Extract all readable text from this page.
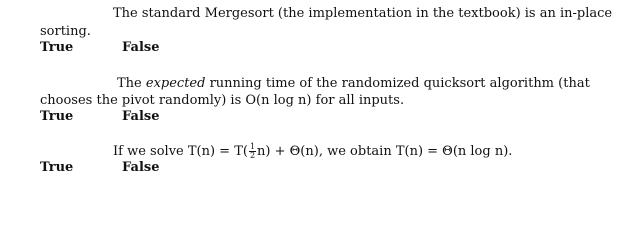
The standard Mergesort (the implementation in the textbook) is an in-place
sorting.
True	False
The expected running time of the randomized quicksort algorithm (that
chooses the pivot randomly) is O(n log n) for all inputs.
True	False
If we solve $T(n) = T( \frac{1}{2} n) + \Theta(n)$, we obtain T(n) = Θ(n log n).
True	False
